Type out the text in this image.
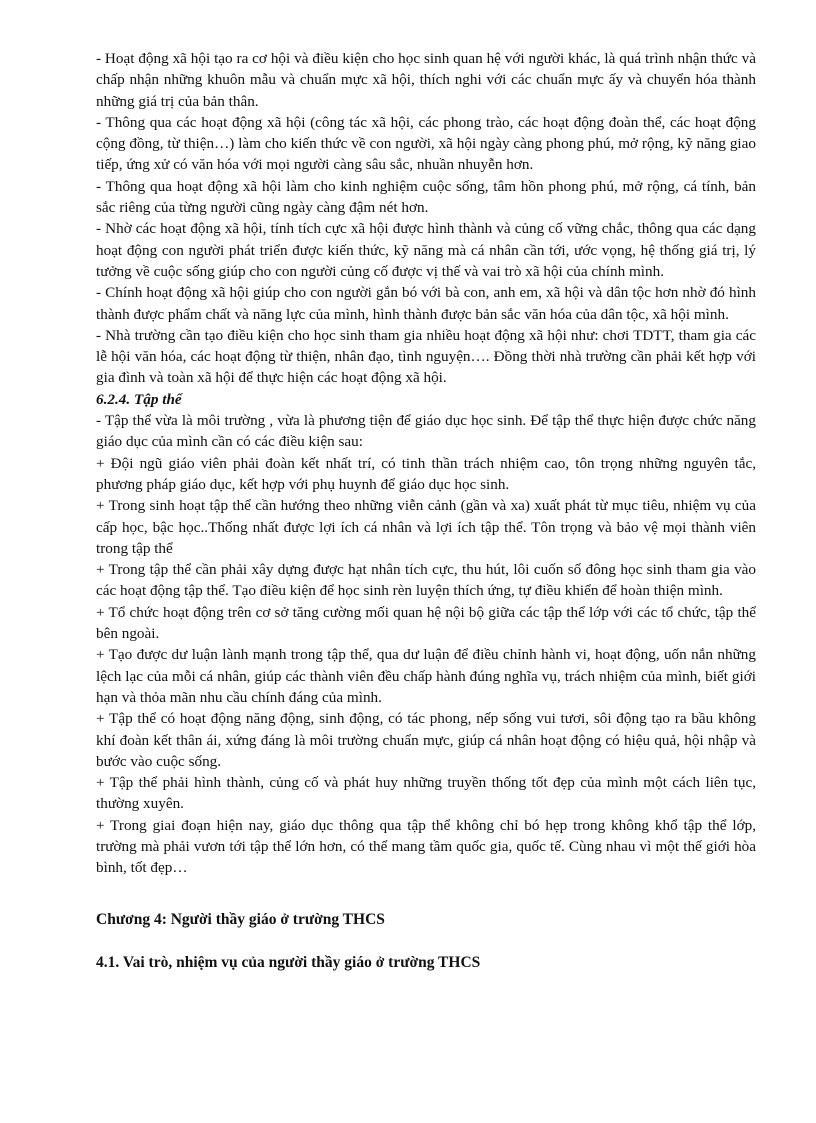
- Hoạt động xã hội tạo ra cơ hội và điều kiện cho học sinh quan hệ với người khác, là quá trình nhận thức và chấp nhận những khuôn mẫu và chuẩn mực xã hội, thích nghi với các chuẩn mực ấy và chuyển hóa thành những giá trị của bản thân.

- Thông qua các hoạt động xã hội (công tác xã hội, các phong trào, các hoạt động đoàn thể, các hoạt động cộng đồng, từ thiện…) làm cho kiến thức về con người, xã hội ngày càng phong phú, mở rộng, kỹ năng giao tiếp, ứng xử có văn hóa với mọi người càng sâu sắc, nhuần nhuyễn hơn.

- Thông qua hoạt động xã hội làm cho kinh nghiệm cuộc sống, tâm hồn phong phú, mở rộng, cá tính, bản sắc riêng của từng người cũng ngày càng đậm nét hơn.

- Nhờ các hoạt động xã hội, tính tích cực xã hội được hình thành và củng cố vững chắc, thông qua các dạng hoạt động con người phát triển được kiến thức, kỹ năng mà cá nhân cần tới, ước vọng, hệ thống giá trị, lý tưởng về cuộc sống giúp cho con người củng cố được vị thế và vai trò xã hội của chính mình.

- Chính hoạt động xã hội giúp cho con người gắn bó với bà con, anh em, xã hội và dân tộc hơn nhờ đó hình thành được phẩm chất và năng lực của mình, hình thành được bản sắc văn hóa của dân tộc, xã hội mình.

- Nhà trường cần tạo điều kiện cho học sinh tham gia nhiều hoạt động xã hội như: chơi TDTT, tham gia các lễ hội văn hóa, các hoạt động từ thiện, nhân đạo, tình nguyện…. Đồng thời nhà trường cần phải kết hợp với gia đình và toàn xã hội để thực hiện các hoạt động xã hội.

6.2.4. Tập thể

- Tập thể vừa là môi trường , vừa là phương tiện để giáo dục học sinh. Để tập thể thực hiện được chức năng giáo dục của mình cần có các điều kiện sau:

+ Đội ngũ giáo viên phải đoàn kết nhất trí, có tinh thần trách nhiệm cao, tôn trọng những nguyên tắc, phương pháp giáo dục, kết hợp với phụ huynh để giáo dục học sinh.

+ Trong sinh hoạt tập thể cần hướng theo những viễn cảnh (gần và xa) xuất phát từ mục tiêu, nhiệm vụ của cấp học, bậc học..Thống nhất được lợi ích cá nhân và lợi ích tập thể. Tôn trọng và bảo vệ mọi thành viên trong tập thể

+ Trong tập thể cần phải xây dựng được hạt nhân tích cực, thu hút, lôi cuốn số đông học sinh tham gia vào các hoạt động tập thể. Tạo điều kiện để học sinh rèn luyện thích ứng, tự điều khiển để hoàn thiện mình.

+ Tổ chức hoạt động trên cơ sở tăng cường mối quan hệ nội bộ giữa các tập thể lớp với các tổ chức, tập thể bên ngoài.

+ Tạo được dư luận lành mạnh trong tập thể, qua dư luận để điều chỉnh hành vi, hoạt động, uốn nắn những lệch lạc của mỗi cá nhân, giúp các thành viên đều chấp hành đúng nghĩa vụ, trách nhiệm của mình, biết giới hạn và thỏa mãn nhu cầu chính đáng của mình.

+ Tập thể có hoạt động năng động, sinh động, có tác phong, nếp sống vui tươi, sôi động tạo ra bầu không khí đoàn kết thân ái, xứng đáng là môi trường chuẩn mực, giúp cá nhân hoạt động có hiệu quả, hội nhập và bước vào cuộc sống.

+ Tập thể phải hình thành, củng cố và phát huy những truyền thống tốt đẹp của mình một cách liên tục, thường xuyên.

+ Trong giai đoạn hiện nay, giáo dục thông qua tập thể không chỉ bó hẹp trong không khổ tập thể lớp, trường mà phải vươn tới tập thể lớn hơn, có thể mang tầm quốc gia, quốc tế. Cùng nhau vì một thế giới hòa bình, tốt đẹp…

Chương 4: Người thầy giáo ở trường THCS

4.1. Vai trò, nhiệm vụ của người thầy giáo ở trường THCS
